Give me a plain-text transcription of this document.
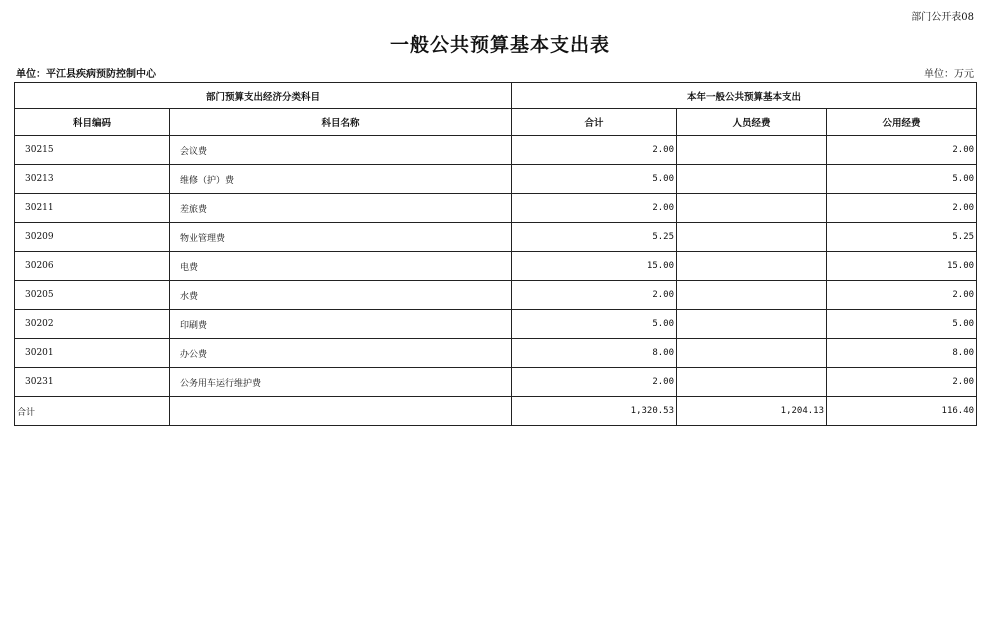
部门公开表08
一般公共预算基本支出表
单位：平江县疾病预防控制中心	单位：万元
部门预算支出经济分类科目		本年一般公共预算基本支出		
科目编码	科目名称	合计	人员经费	公用经费
30215	会议费	2.00		2.00
30213	维修（护）费	5.00		5.00
30211	差旅费	2.00		2.00
30209	物业管理费	5.25		5.25
30206	电费	15.00		15.00
30205	水费	2.00		2.00
30202	印刷费	5.00		5.00
30201	办公费	8.00		8.00
30231	公务用车运行维护费	2.00		2.00
合计		1,320.53	1,204.13	116.40
